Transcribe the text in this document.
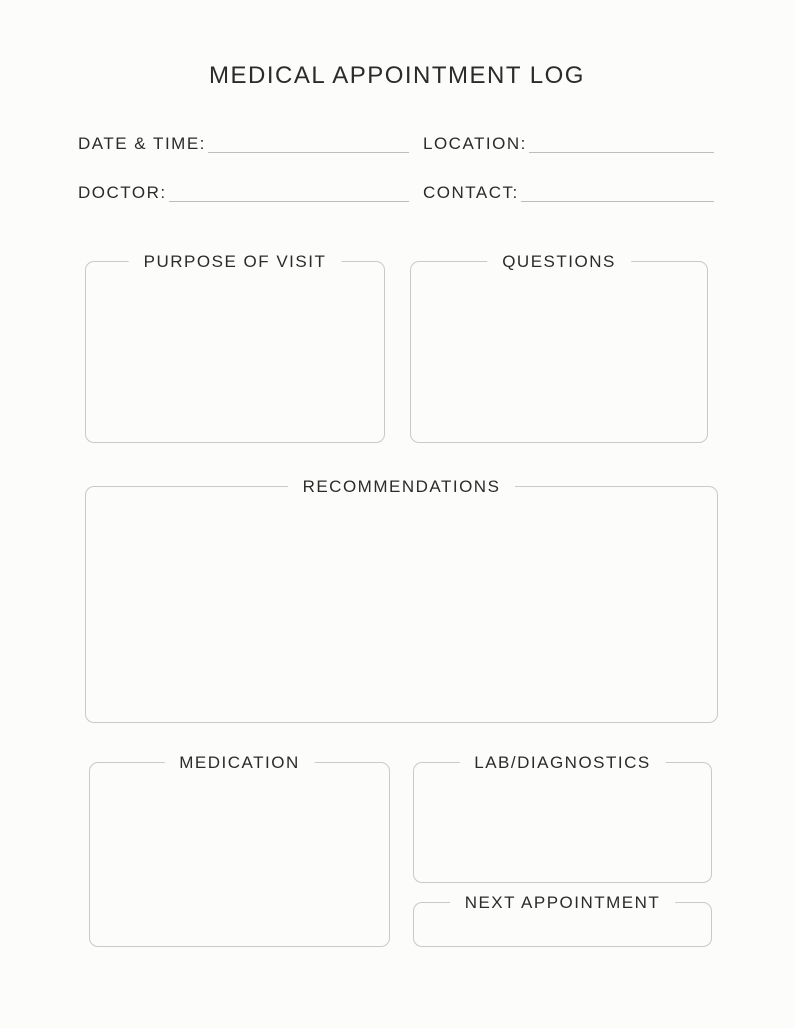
MEDICAL APPOINTMENT LOG
DATE & TIME:	LOCATION:
DOCTOR:	CONTACT:
PURPOSE OF VISIT	QUESTIONS
RECOMMENDATIONS
MEDICATION	LAB/DIAGNOSTICS
NEXT APPOINTMENT
